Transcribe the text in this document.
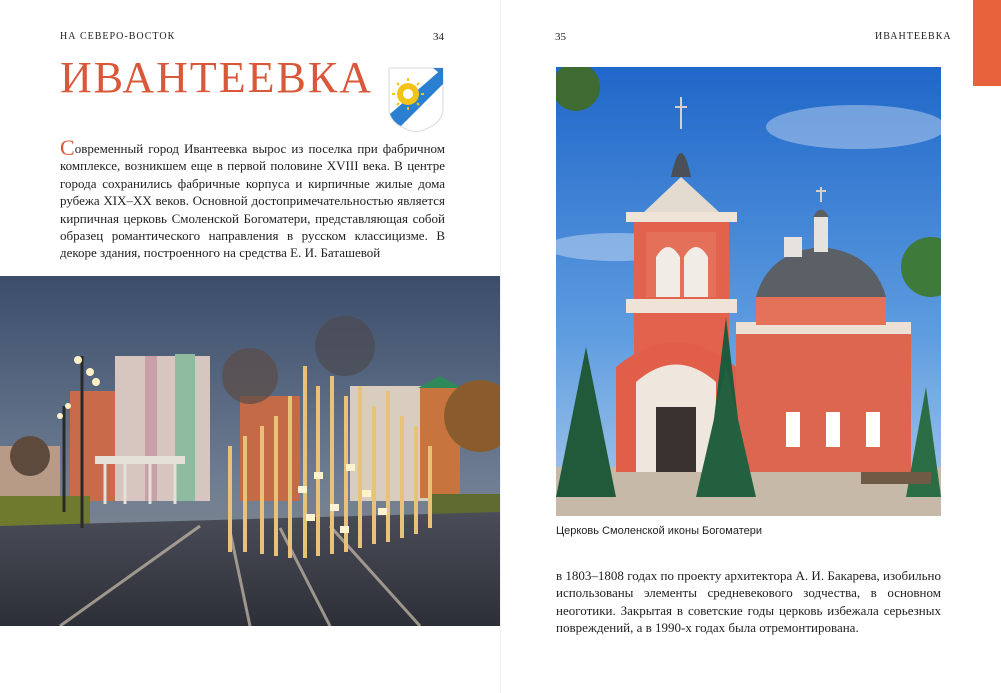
НА СЕВЕРО-ВОСТОК	34
ИВАНТЕЕВКА

Современный город Ивантеевка вырос из поселка при фабричном комплексе, возникшем еще в первой половине XVIII века. В центре города сохранились фабричные корпуса и кирпичные жилые дома рубежа XIX–XX веков. Основной достопримечательностью является кирпичная церковь Смоленской Богоматери, представляющая собой образец романтического направления в русском классицизме. В декоре здания, построенного на средства Е. И. Баташевой

35	ИВАНТЕЕВКА
Церковь Смоленской иконы Богоматери

в 1803–1808 годах по проекту архитектора А. И. Бакарева, изобильно использованы элементы средневекового зодчества, в основном неоготики. Закрытая в советские годы церковь избежала серьезных повреждений, а в 1990-х годах была отремонтирована.
